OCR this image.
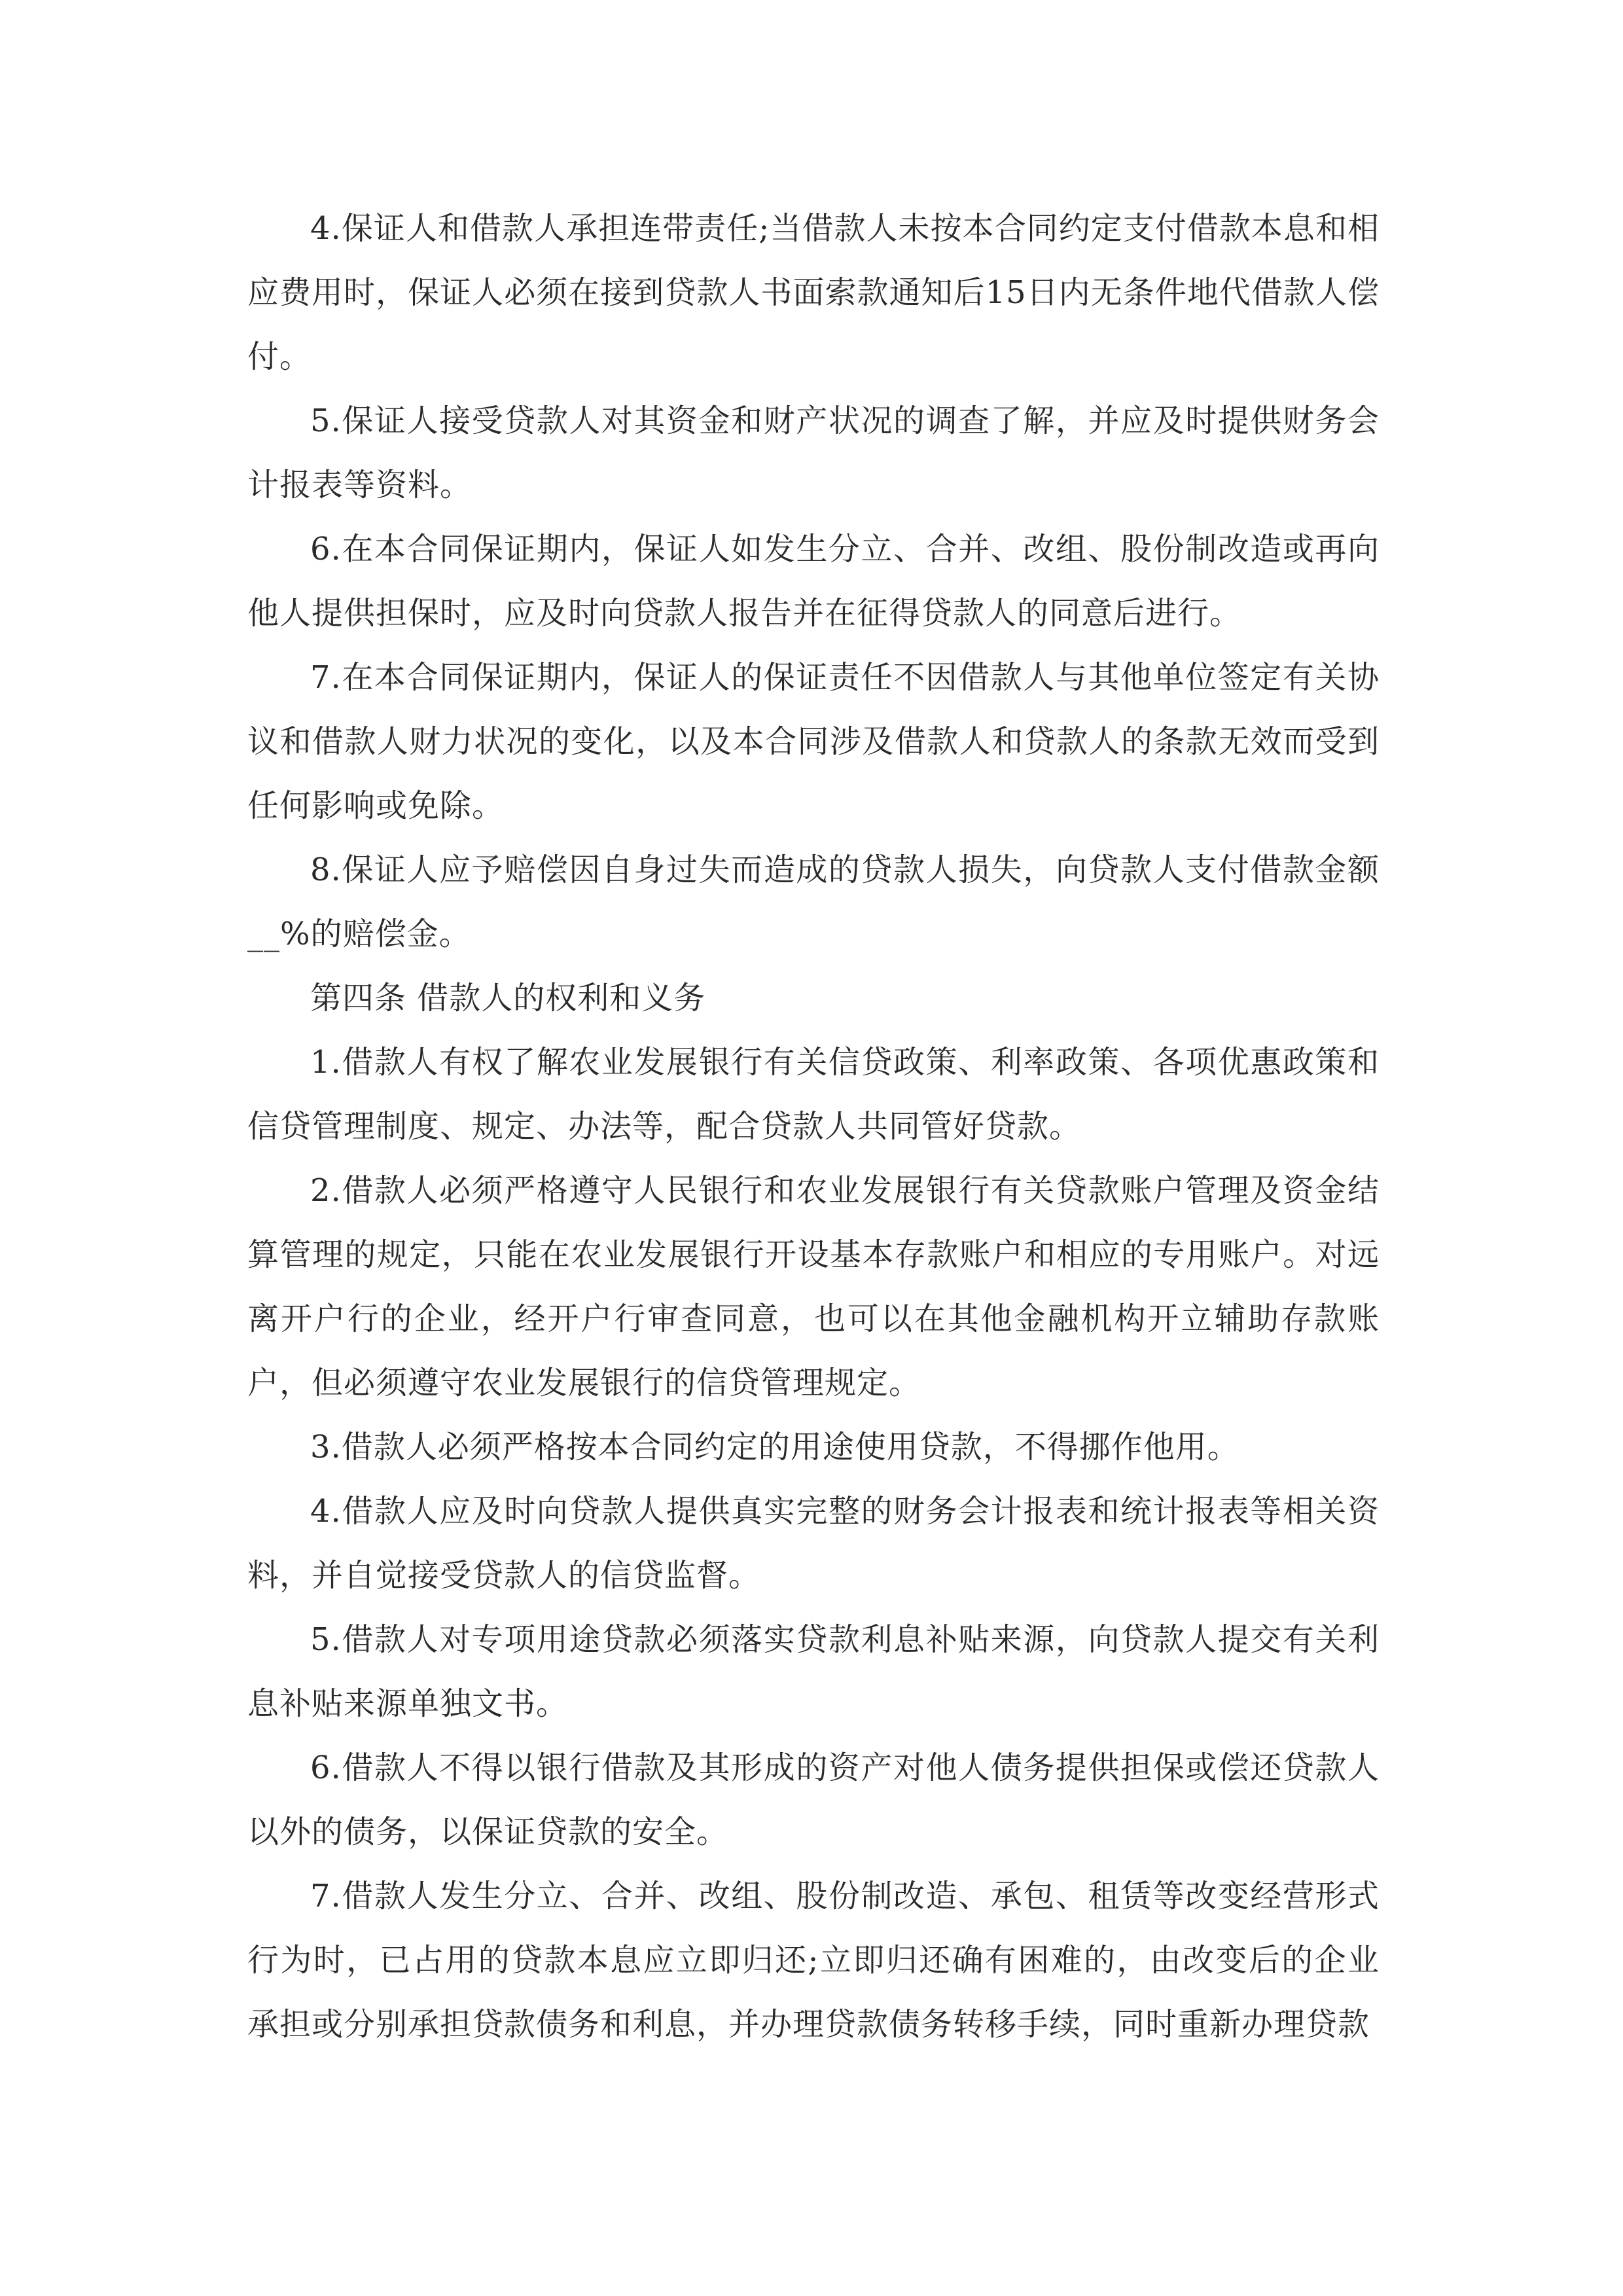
4.保证人和借款人承担连带责任;当借款人未按本合同约定支付借款本息和相应费用时，保证人必须在接到贷款人书面索款通知后15日内无条件地代借款人偿付。

5.保证人接受贷款人对其资金和财产状况的调查了解，并应及时提供财务会计报表等资料。

6.在本合同保证期内，保证人如发生分立、合并、改组、股份制改造或再向他人提供担保时，应及时向贷款人报告并在征得贷款人的同意后进行。

7.在本合同保证期内，保证人的保证责任不因借款人与其他单位签定有关协议和借款人财力状况的变化，以及本合同涉及借款人和贷款人的条款无效而受到任何影响或免除。

8.保证人应予赔偿因自身过失而造成的贷款人损失，向贷款人支付借款金额__%的赔偿金。

第四条 借款人的权利和义务

1.借款人有权了解农业发展银行有关信贷政策、利率政策、各项优惠政策和信贷管理制度、规定、办法等，配合贷款人共同管好贷款。

2.借款人必须严格遵守人民银行和农业发展银行有关贷款账户管理及资金结算管理的规定，只能在农业发展银行开设基本存款账户和相应的专用账户。对远离开户行的企业，经开户行审查同意，也可以在其他金融机构开立辅助存款账户，但必须遵守农业发展银行的信贷管理规定。

3.借款人必须严格按本合同约定的用途使用贷款，不得挪作他用。

4.借款人应及时向贷款人提供真实完整的财务会计报表和统计报表等相关资料，并自觉接受贷款人的信贷监督。

5.借款人对专项用途贷款必须落实贷款利息补贴来源，向贷款人提交有关利息补贴来源单独文书。

6.借款人不得以银行借款及其形成的资产对他人债务提供担保或偿还贷款人以外的债务，以保证贷款的安全。

7.借款人发生分立、合并、改组、股份制改造、承包、租赁等改变经营形式行为时，已占用的贷款本息应立即归还;立即归还确有困难的，由改变后的企业承担或分别承担贷款债务和利息，并办理贷款债务转移手续，同时重新办理贷款
